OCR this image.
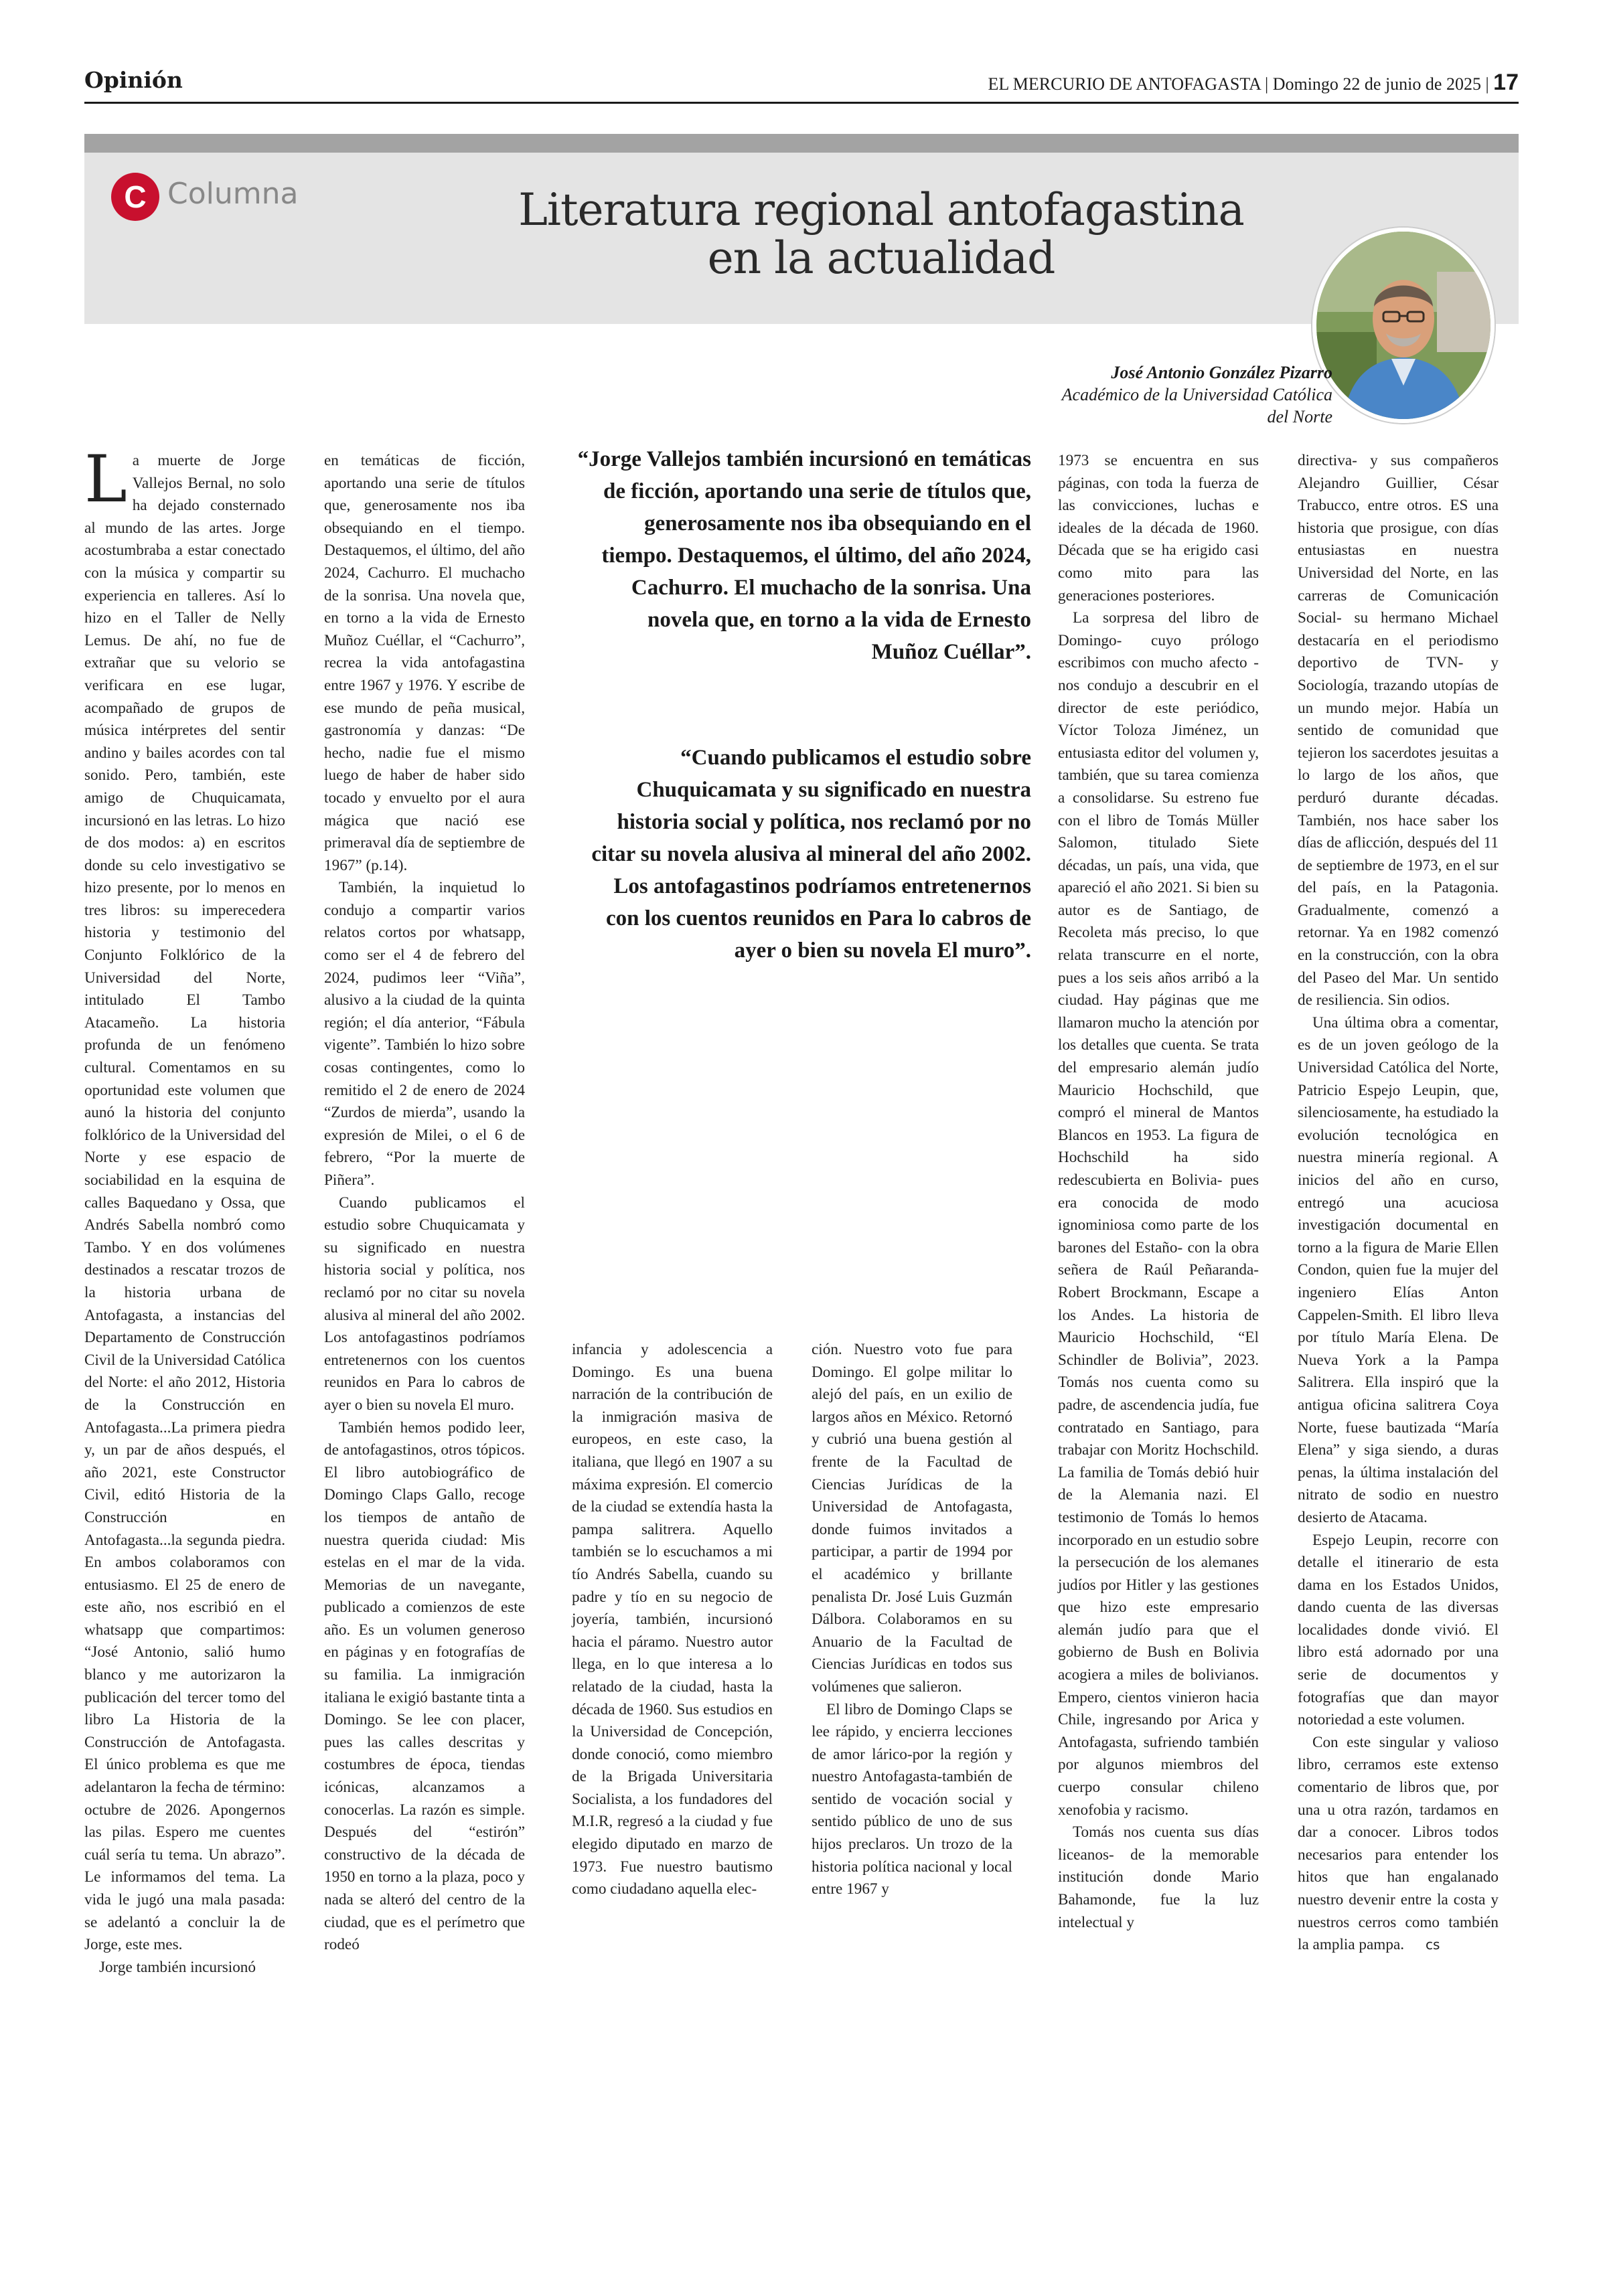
Opinión	EL MERCURIO DE ANTOFAGASTA | Domingo 22 de junio de 2025 | 17
C Columna	Literatura regional antofagastina
en la actualidad
José Antonio González Pizarro
Académico de la Universidad Católica
del Norte

La muerte de Jorge Vallejos Bernal, no solo ha dejado consternado al mundo de las artes. Jorge acostumbraba a estar conectado con la música y compartir su experiencia en talleres. Así lo hizo en el Taller de Nelly Lemus. De ahí, no fue de extrañar que su velorio se verificara en ese lugar, acompañado de grupos de música intérpretes del sentir andino y bailes acordes con tal sonido. Pero, también, este amigo de Chuquicamata, incursionó en las letras. Lo hizo de dos modos: a) en escritos donde su celo investigativo se hizo presente, por lo menos en tres libros: su imperecedera historia y testimonio del Conjunto Folklórico de la Universidad del Norte, intitulado El Tambo Atacameño. La historia profunda de un fenómeno cultural. Comentamos en su oportunidad este volumen que aunó la historia del conjunto folklórico de la Universidad del Norte y ese espacio de sociabilidad en la esquina de calles Baquedano y Ossa, que Andrés Sabella nombró como Tambo. Y en dos volúmenes destinados a rescatar trozos de la historia urbana de Antofagasta, a instancias del Departamento de Construcción Civil de la Universidad Católica del Norte: el año 2012, Historia de la Construcción en Antofagasta...La primera piedra y, un par de años después, el año 2021, este Constructor Civil, editó Historia de la Construcción en Antofagasta...la segunda piedra. En ambos colaboramos con entusiasmo. El 25 de enero de este año, nos escribió en el whatsapp que compartimos: “José Antonio, salió humo blanco y me autorizaron la publicación del tercer tomo del libro La Historia de la Construcción de Antofagasta. El único problema es que me adelantaron la fecha de término: octubre de 2026. Apongernos las pilas. Espero me cuentes cuál sería tu tema. Un abrazo”. Le informamos del tema. La vida le jugó una mala pasada: se adelantó a concluir la de Jorge, este mes.

Jorge también incursionó

en temáticas de ficción, aportando una serie de títulos que, generosamente nos iba obsequiando en el tiempo. Destaquemos, el último, del año 2024, Cachurro. El muchacho de la sonrisa. Una novela que, en torno a la vida de Ernesto Muñoz Cuéllar, el “Cachurro”, recrea la vida antofagastina entre 1967 y 1976. Y escribe de ese mundo de peña musical, gastronomía y danzas: “De hecho, nadie fue el mismo luego de haber de haber sido tocado y envuelto por el aura mágica que nació ese primeraval día de septiembre de 1967” (p.14).

También, la inquietud lo condujo a compartir varios relatos cortos por whatsapp, como ser el 4 de febrero del 2024, pudimos leer “Viña”, alusivo a la ciudad de la quinta región; el día anterior, “Fábula vigente”. También lo hizo sobre cosas contingentes, como lo remitido el 2 de enero de 2024 “Zurdos de mierda”, usando la expresión de Milei, o el 6 de febrero, “Por la muerte de Piñera”.

Cuando publicamos el estudio sobre Chuquicamata y su significado en nuestra historia social y política, nos reclamó por no citar su novela alusiva al mineral del año 2002. Los antofagastinos podríamos entretenernos con los cuentos reunidos en Para lo cabros de ayer o bien su novela El muro.

También hemos podido leer, de antofagastinos, otros tópicos. El libro autobiográfico de Domingo Claps Gallo, recoge los tiempos de antaño de nuestra querida ciudad: Mis estelas en el mar de la vida. Memorias de un navegante, publicado a comienzos de este año. Es un volumen generoso en páginas y en fotografías de su familia. La inmigración italiana le exigió bastante tinta a Domingo. Se lee con placer, pues las calles descritas y costumbres de época, tiendas icónicas, alcanzamos a conocerlas. La razón es simple. Después del “estirón” constructivo de la década de 1950 en torno a la plaza, poco y nada se alteró del centro de la ciudad, que es el perímetro que rodeó

“Jorge Vallejos también incursionó en temáticas de ficción, aportando una serie de títulos que, generosamente nos iba obsequiando en el tiempo. Destaquemos, el último, del año 2024, Cachurro. El muchacho de la sonrisa. Una novela que, en torno a la vida de Ernesto Muñoz Cuéllar”.

“Cuando publicamos el estudio sobre Chuquicamata y su significado en nuestra historia social y política, nos reclamó por no citar su novela alusiva al mineral del año 2002. Los antofagastinos podríamos entretenernos con los cuentos reunidos en Para lo cabros de ayer o bien su novela El muro”.

infancia y adolescencia a Domingo. Es una buena narración de la contribución de la inmigración masiva de europeos, en este caso, la italiana, que llegó en 1907 a su máxima expresión. El comercio de la ciudad se extendía hasta la pampa salitrera. Aquello también se lo escuchamos a mi tío Andrés Sabella, cuando su padre y tío en su negocio de joyería, también, incursionó hacia el páramo. Nuestro autor llega, en lo que interesa a lo relatado de la ciudad, hasta la década de 1960. Sus estudios en la Universidad de Concepción, donde conoció, como miembro de la Brigada Universitaria Socialista, a los fundadores del M.I.R, regresó a la ciudad y fue elegido diputado en marzo de 1973. Fue nuestro bautismo como ciudadano aquella elec-

ción. Nuestro voto fue para Domingo. El golpe militar lo alejó del país, en un exilio de largos años en México. Retornó y cubrió una buena gestión al frente de la Facultad de Ciencias Jurídicas de la Universidad de Antofagasta, donde fuimos invitados a participar, a partir de 1994 por el académico y brillante penalista Dr. José Luis Guzmán Dálbora. Colaboramos en su Anuario de la Facultad de Ciencias Jurídicas en todos sus volúmenes que salieron.

El libro de Domingo Claps se lee rápido, y encierra lecciones de amor lárico-por la región y nuestro Antofagasta-también de sentido de vocación social y sentido público de uno de sus hijos preclaros. Un trozo de la historia política nacional y local entre 1967 y

1973 se encuentra en sus páginas, con toda la fuerza de las convicciones, luchas e ideales de la década de 1960. Década que se ha erigido casi como mito para las generaciones posteriores.

La sorpresa del libro de Domingo- cuyo prólogo escribimos con mucho afecto - nos condujo a descubrir en el director de este periódico, Víctor Toloza Jiménez, un entusiasta editor del volumen y, también, que su tarea comienza a consolidarse. Su estreno fue con el libro de Tomás Müller Salomon, titulado Siete décadas, un país, una vida, que apareció el año 2021. Si bien su autor es de Santiago, de Recoleta más preciso, lo que relata transcurre en el norte, pues a los seis años arribó a la ciudad. Hay páginas que me llamaron mucho la atención por los detalles que cuenta. Se trata del empresario alemán judío Mauricio Hochschild, que compró el mineral de Mantos Blancos en 1953. La figura de Hochschild ha sido redescubierta en Bolivia- pues era conocida de modo ignominiosa como parte de los barones del Estaño- con la obra señera de Raúl Peñaranda- Robert Brockmann, Escape a los Andes. La historia de Mauricio Hochschild, “El Schindler de Bolivia”, 2023. Tomás nos cuenta como su padre, de ascendencia judía, fue contratado en Santiago, para trabajar con Moritz Hochschild. La familia de Tomás debió huir de la Alemania nazi. El testimonio de Tomás lo hemos incorporado en un estudio sobre la persecución de los alemanes judíos por Hitler y las gestiones que hizo este empresario alemán judío para que el gobierno de Bush en Bolivia acogiera a miles de bolivianos. Empero, cientos vinieron hacia Chile, ingresando por Arica y Antofagasta, sufriendo también por algunos miembros del cuerpo consular chileno xenofobia y racismo.

Tomás nos cuenta sus días liceanos- de la memorable institución donde Mario Bahamonde, fue la luz intelectual y

directiva- y sus compañeros Alejandro Guillier, César Trabucco, entre otros. ES una historia que prosigue, con días entusiastas en nuestra Universidad del Norte, en las carreras de Comunicación Social- su hermano Michael destacaría en el periodismo deportivo de TVN- y Sociología, trazando utopías de un mundo mejor. Había un sentido de comunidad que tejieron los sacerdotes jesuitas a lo largo de los años, que perduró durante décadas. También, nos hace saber los días de aflicción, después del 11 de septiembre de 1973, en el sur del país, en la Patagonia. Gradualmente, comenzó a retornar. Ya en 1982 comenzó en la construcción, con la obra del Paseo del Mar. Un sentido de resiliencia. Sin odios.

Una última obra a comentar, es de un joven geólogo de la Universidad Católica del Norte, Patricio Espejo Leupin, que, silenciosamente, ha estudiado la evolución tecnológica en nuestra minería regional. A inicios del año en curso, entregó una acuciosa investigación documental en torno a la figura de Marie Ellen Condon, quien fue la mujer del ingeniero Elías Anton Cappelen-Smith. El libro lleva por título María Elena. De Nueva York a la Pampa Salitrera. Ella inspiró que la antigua oficina salitrera Coya Norte, fuese bautizada “María Elena” y siga siendo, a duras penas, la última instalación del nitrato de sodio en nuestro desierto de Atacama.

Espejo Leupin, recorre con detalle el itinerario de esta dama en los Estados Unidos, dando cuenta de las diversas localidades donde vivió. El libro está adornado por una serie de documentos y fotografías que dan mayor notoriedad a este volumen.

Con este singular y valioso libro, cerramos este extenso comentario de libros que, por una u otra razón, tardamos en dar a conocer. Libros todos necesarios para entender los hitos que han engalanado nuestro devenir entre la costa y nuestros cerros como también la amplia pampa. cs
